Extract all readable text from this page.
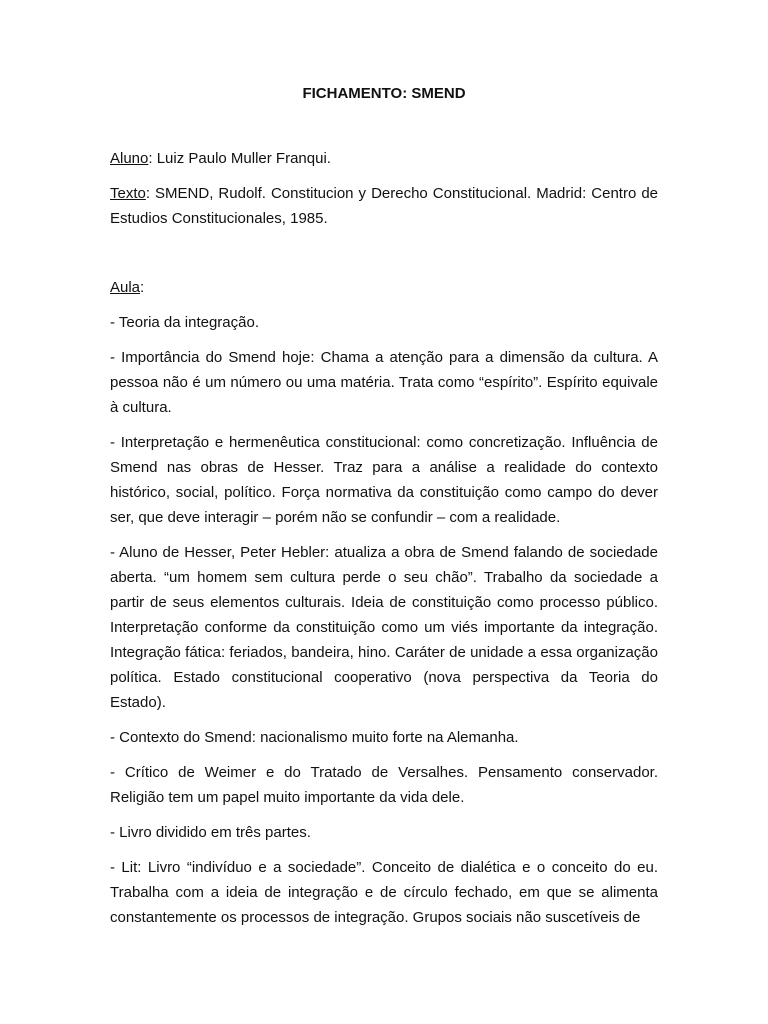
FICHAMENTO: SMEND
Aluno: Luiz Paulo Muller Franqui.
Texto: SMEND, Rudolf. Constitucion y Derecho Constitucional. Madrid: Centro de Estudios Constitucionales, 1985.
Aula:

- Teoria da integração.

- Importância do Smend hoje: Chama a atenção para a dimensão da cultura. A pessoa não é um número ou uma matéria. Trata como “espírito”. Espírito equivale à cultura.

- Interpretação e hermenêutica constitucional: como concretização. Influência de Smend nas obras de Hesser. Traz para a análise a realidade do contexto histórico, social, político. Força normativa da constituição como campo do dever ser, que deve interagir – porém não se confundir – com a realidade.

- Aluno de Hesser, Peter Hebler: atualiza a obra de Smend falando de sociedade aberta. “um homem sem cultura perde o seu chão”. Trabalho da sociedade a partir de seus elementos culturais. Ideia de constituição como processo público. Interpretação conforme da constituição como um viés importante da integração. Integração fática: feriados, bandeira, hino. Caráter de unidade a essa organização política. Estado constitucional cooperativo (nova perspectiva da Teoria do Estado).

- Contexto do Smend: nacionalismo muito forte na Alemanha.

- Crítico de Weimer e do Tratado de Versalhes. Pensamento conservador. Religião tem um papel muito importante da vida dele.

- Livro dividido em três partes.

- Lit: Livro “indivíduo e a sociedade”. Conceito de dialética e o conceito do eu. Trabalha com a ideia de integração e de círculo fechado, em que se alimenta constantemente os processos de integração. Grupos sociais não suscetíveis de
